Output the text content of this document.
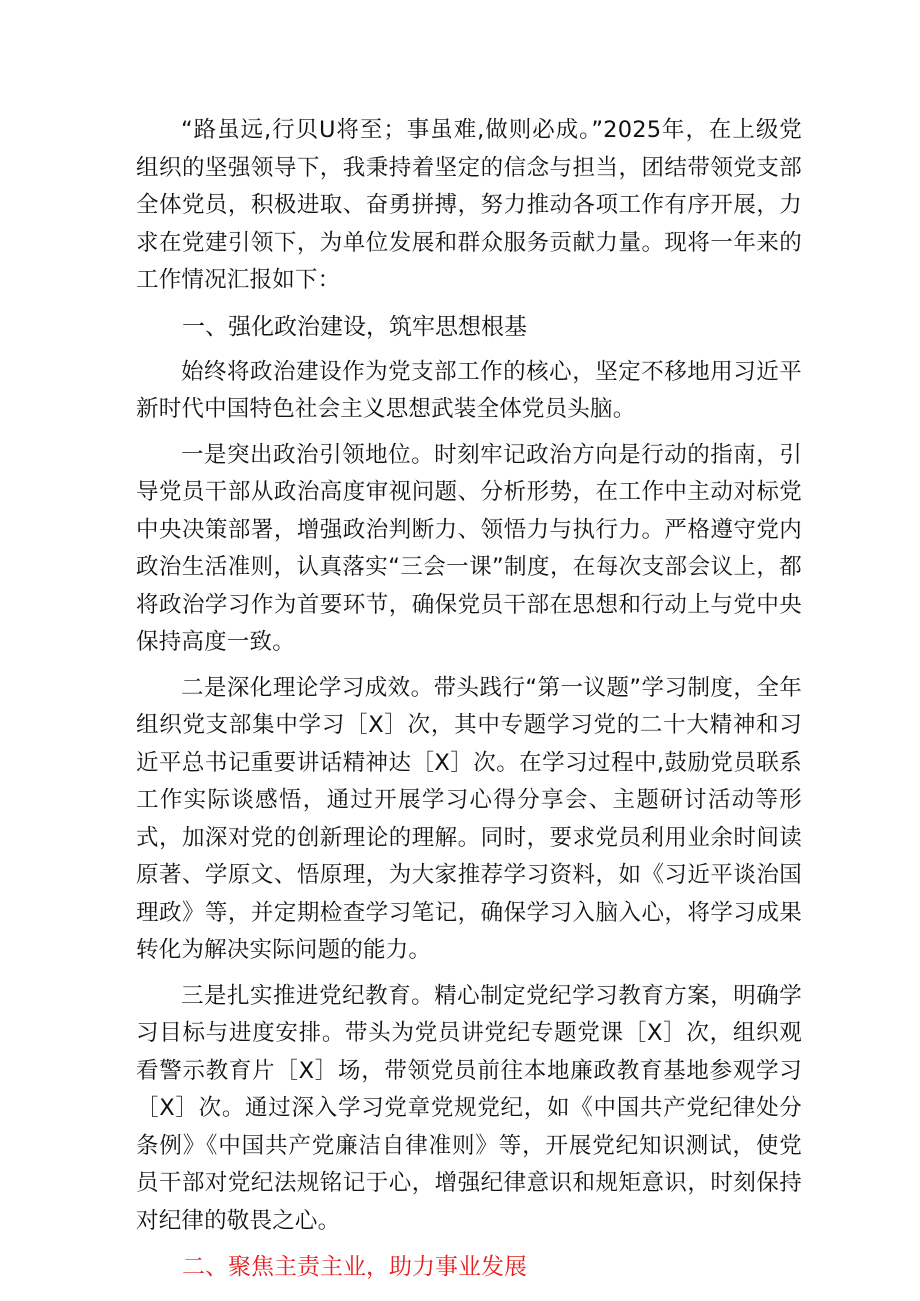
“路虽远,行贝U将至；事虽难,做则必成。”2025年，在上级党组织的坚强领导下，我秉持着坚定的信念与担当，团结带领党支部全体党员，积极进取、奋勇拼搏，努力推动各项工作有序开展，力求在党建引领下，为单位发展和群众服务贡献力量。现将一年来的工作情况汇报如下：

一、强化政治建设，筑牢思想根基

始终将政治建设作为党支部工作的核心，坚定不移地用习近平新时代中国特色社会主义思想武装全体党员头脑。

一是突出政治引领地位。时刻牢记政治方向是行动的指南，引导党员干部从政治高度审视问题、分析形势，在工作中主动对标党中央决策部署，增强政治判断力、领悟力与执行力。严格遵守党内政治生活准则，认真落实“三会一课”制度，在每次支部会议上，都将政治学习作为首要环节，确保党员干部在思想和行动上与党中央保持高度一致。

二是深化理论学习成效。带头践行“第一议题”学习制度，全年组织党支部集中学习［X］次，其中专题学习党的二十大精神和习近平总书记重要讲话精神达［X］次。在学习过程中,鼓励党员联系工作实际谈感悟，通过开展学习心得分享会、主题研讨活动等形式，加深对党的创新理论的理解。同时，要求党员利用业余时间读原著、学原文、悟原理，为大家推荐学习资料，如《习近平谈治国理政》等，并定期检查学习笔记，确保学习入脑入心，将学习成果转化为解决实际问题的能力。

三是扎实推进党纪教育。精心制定党纪学习教育方案，明确学习目标与进度安排。带头为党员讲党纪专题党课［X］次，组织观看警示教育片［X］场，带领党员前往本地廉政教育基地参观学习［X］次。通过深入学习党章党规党纪，如《中国共产党纪律处分条例》《中国共产党廉洁自律准则》等，开展党纪知识测试，使党员干部对党纪法规铭记于心，增强纪律意识和规矩意识，时刻保持对纪律的敬畏之心。

二、聚焦主责主业，助力事业发展
